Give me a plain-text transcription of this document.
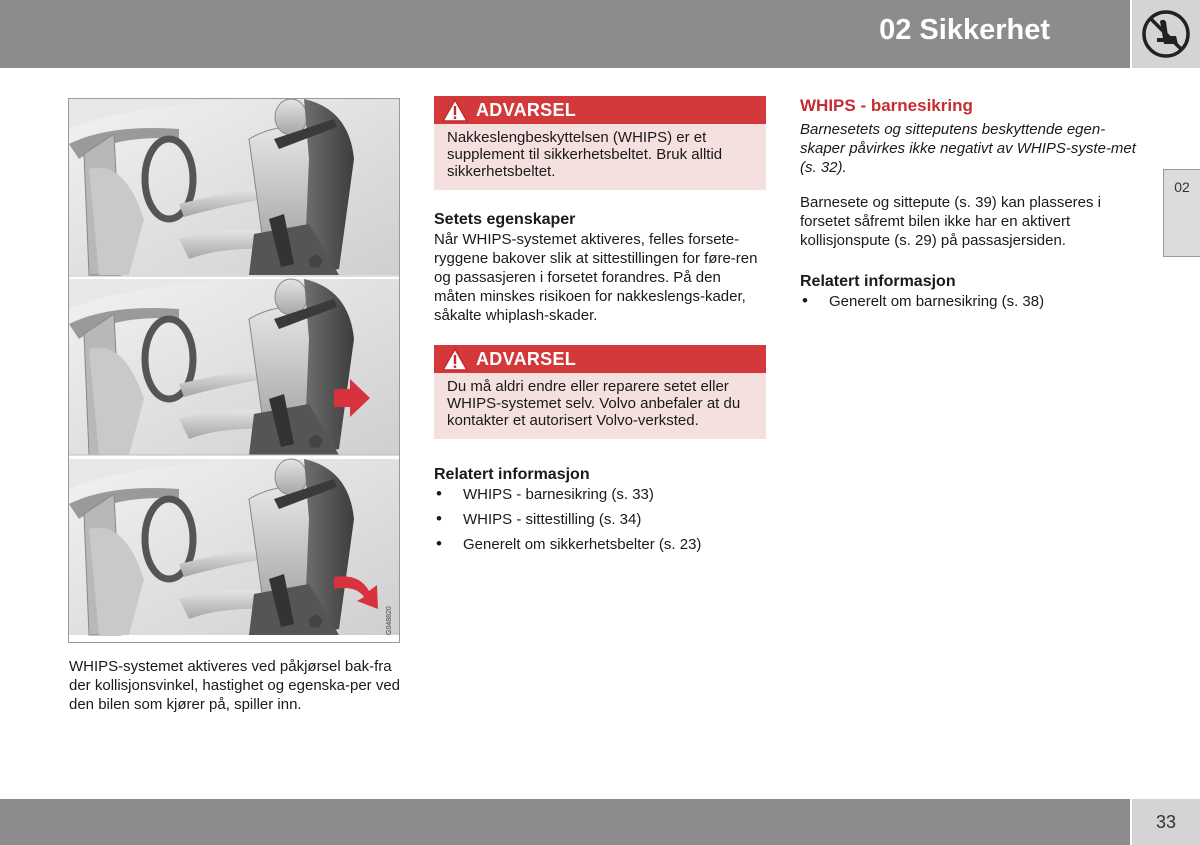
02 Sikkerhet
02
G048820
WHIPS-systemet aktiveres ved påkjørsel bak-fra der kollisjonsvinkel, hastighet og egenska-per ved den bilen som kjører på, spiller inn.
ADVARSEL
Nakkeslengbeskyttelsen (WHIPS) er et supplement til sikkerhetsbeltet. Bruk alltid sikkerhetsbeltet.

Setets egenskaper

Når WHIPS-systemet aktiveres, felles forsete-ryggene bakover slik at sittestillingen for føre-ren og passasjeren i forsetet forandres. På den måten minskes risikoen for nakkeslengs-kader, såkalte whiplash-skader.

ADVARSEL
Du må aldri endre eller reparere setet eller WHIPS-systemet selv. Volvo anbefaler at du kontakter et autorisert Volvo-verksted.

Relatert informasjon

• WHIPS - barnesikring (s. 33)
• WHIPS - sittestilling (s. 34)
• Generelt om sikkerhetsbelter (s. 23)

WHIPS - barnesikring

Barnesetets og sitteputens beskyttende egen-skaper påvirkes ikke negativt av WHIPS-syste-met (s. 32).

Barnesete og sittepute (s. 39) kan plasseres i forsetet såfremt bilen ikke har en aktivert kollisjonspute (s. 29) på passasjersiden.

Relatert informasjon

• Generelt om barnesikring (s. 38)
33
